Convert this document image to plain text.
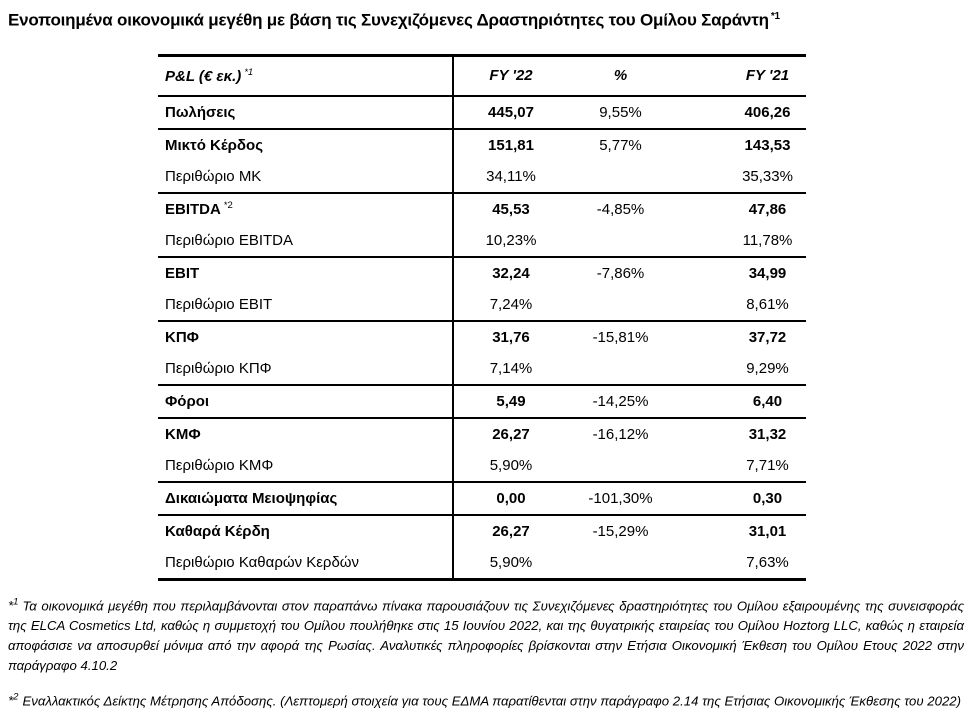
Ενοποιημένα οικονομικά μεγέθη με βάση τις Συνεχιζόμενες Δραστηριότητες του Ομίλου Σαράντη $^{*1}$
P&L (€ εκ.) $^{*1}$	FY '22	%	FY '21
Πωλήσεις	445,07	9,55%	406,26
Μικτό Κέρδος	151,81	5,77%	143,53
Περιθώριο ΜΚ	34,11%		35,33%
EBITDA $^{*2}$	45,53	-4,85%	47,86
Περιθώριο EBITDA	10,23%		11,78%
EBIT	32,24	-7,86%	34,99
Περιθώριο EBIT	7,24%		8,61%
ΚΠΦ	31,76	-15,81%	37,72
Περιθώριο ΚΠΦ	7,14%		9,29%
Φόροι	5,49	-14,25%	6,40
ΚΜΦ	26,27	-16,12%	31,32
Περιθώριο ΚΜΦ	5,90%		7,71%
Δικαιώματα Μειοψηφίας	0,00	-101,30%	0,30
Καθαρά Κέρδη	26,27	-15,29%	31,01
Περιθώριο Καθαρών Κερδών	5,90%		7,63%

*$^1$ Τα οικονομικά μεγέθη που περιλαμβάνονται στον παραπάνω πίνακα παρουσιάζουν τις Συνεχιζόμενες δραστηριότητες του Ομίλου εξαιρουμένης της συνεισφοράς της ELCA Cosmetics Ltd, καθώς η συμμετοχή του Ομίλου πουλήθηκε στις 15 Ιουνίου 2022, και της θυγατρικής εταιρείας του Ομίλου Hoztorg LLC, καθώς η εταιρεία αποφάσισε να αποσυρθεί μόνιμα από την αφορά της Ρωσίας. Αναλυτικές πληροφορίες βρίσκονται στην Ετήσια Οικονομική Έκθεση του Ομίλου Ετους 2022 στην παράγραφο 4.10.2

*$^2$ Εναλλακτικός Δείκτης Μέτρησης Απόδοσης. (Λεπτομερή στοιχεία για τους ΕΔΜΑ παρατίθενται στην παράγραφο 2.14 της Ετήσιας Οικονομικής Έκθεσης του 2022)
